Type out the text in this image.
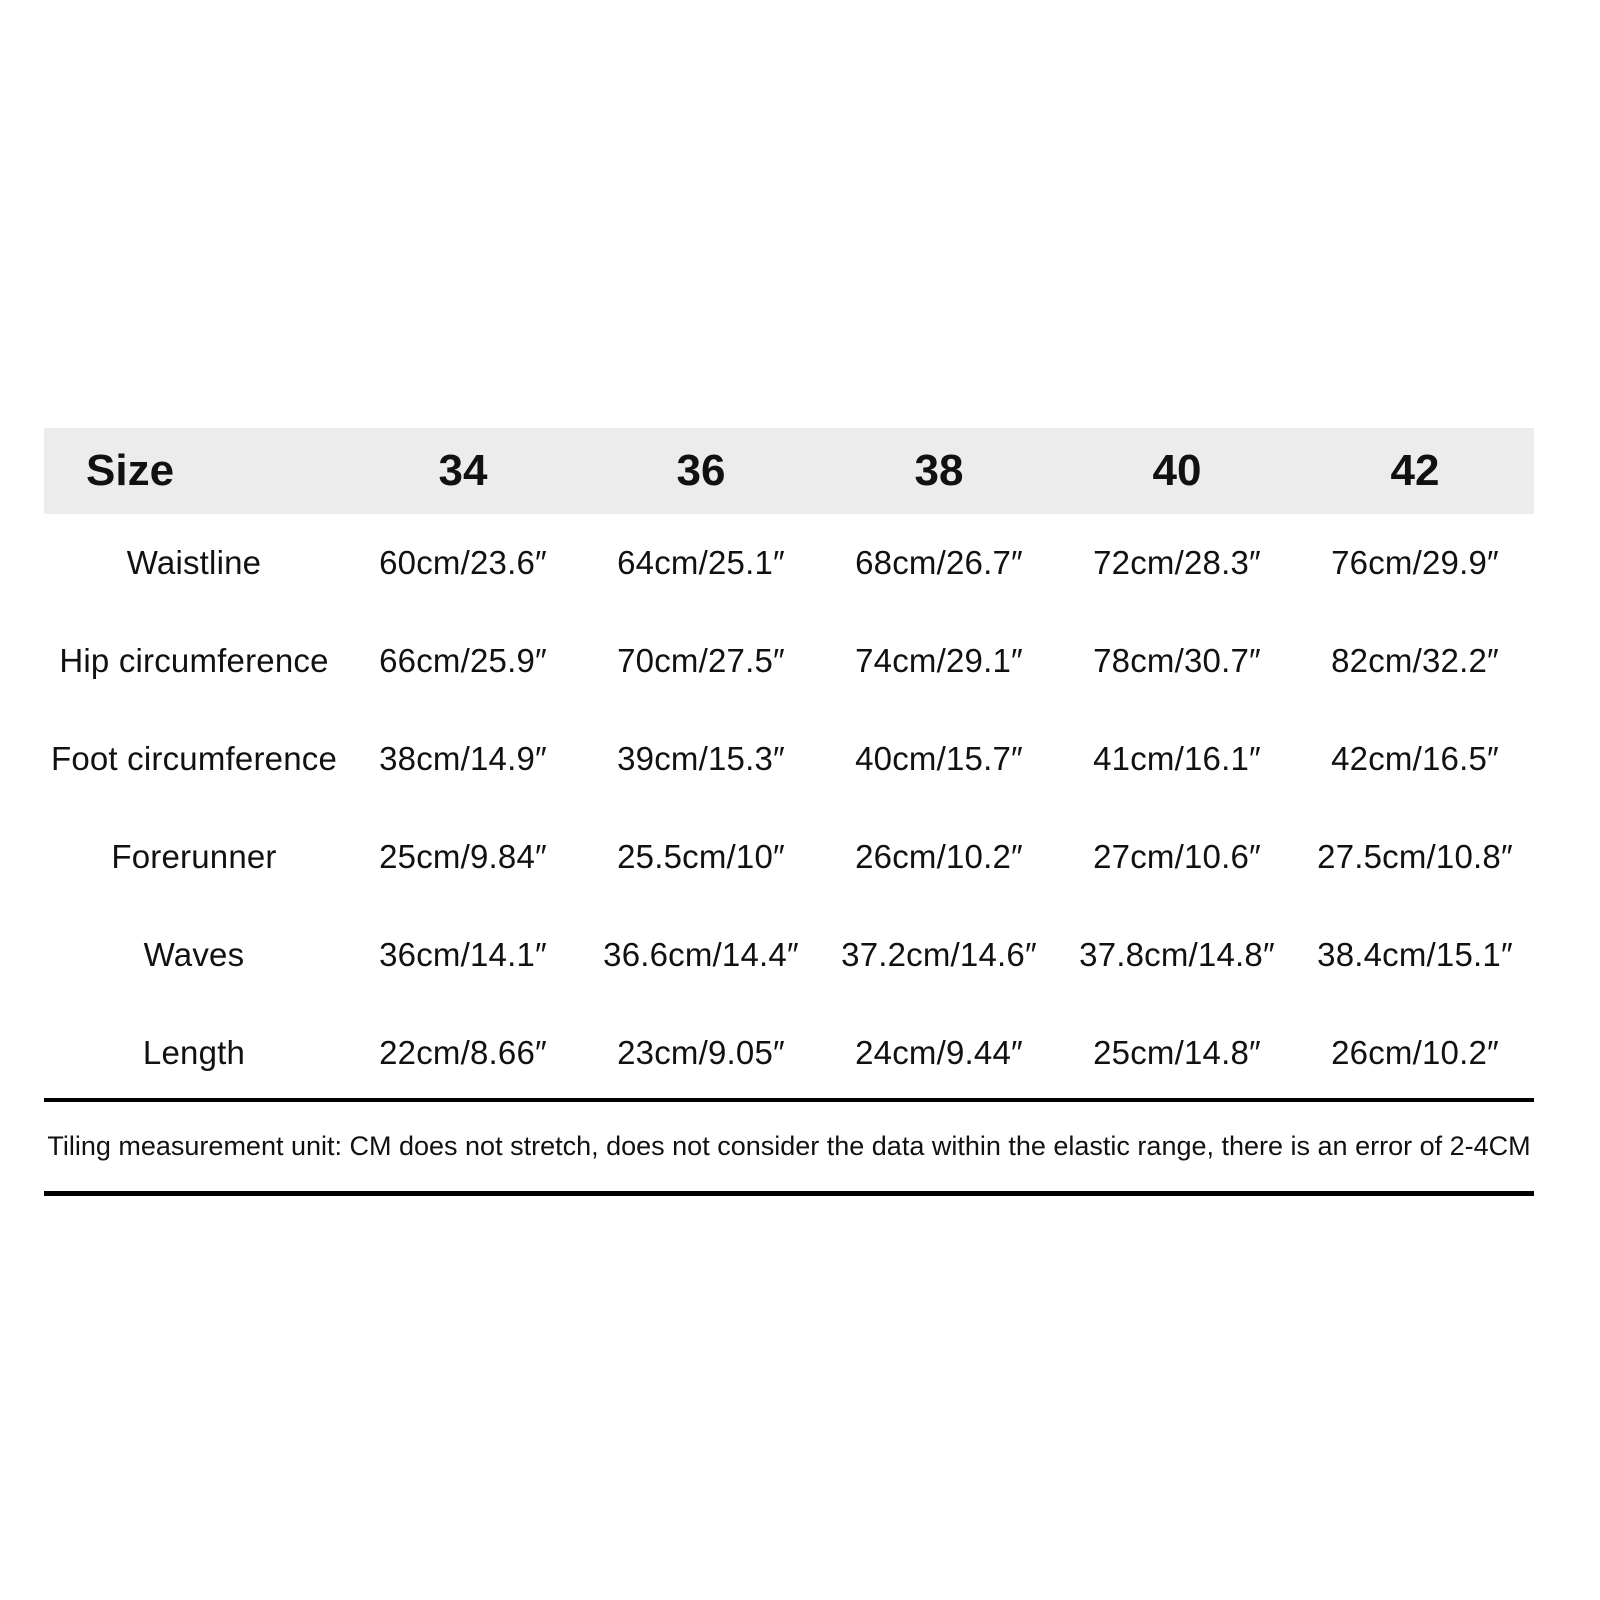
Size	34	36	38	40	42
Waistline	60cm/23.6″	64cm/25.1″	68cm/26.7″	72cm/28.3″	76cm/29.9″
Hip circumference	66cm/25.9″	70cm/27.5″	74cm/29.1″	78cm/30.7″	82cm/32.2″
Foot circumference	38cm/14.9″	39cm/15.3″	40cm/15.7″	41cm/16.1″	42cm/16.5″
Forerunner	25cm/9.84″	25.5cm/10″	26cm/10.2″	27cm/10.6″	27.5cm/10.8″
Waves	36cm/14.1″	36.6cm/14.4″	37.2cm/14.6″	37.8cm/14.8″	38.4cm/15.1″
Length	22cm/8.66″	23cm/9.05″	24cm/9.44″	25cm/14.8″	26cm/10.2″
Tiling measurement unit: CM does not stretch, does not consider the data within the elastic range, there is an error of 2-4CM
